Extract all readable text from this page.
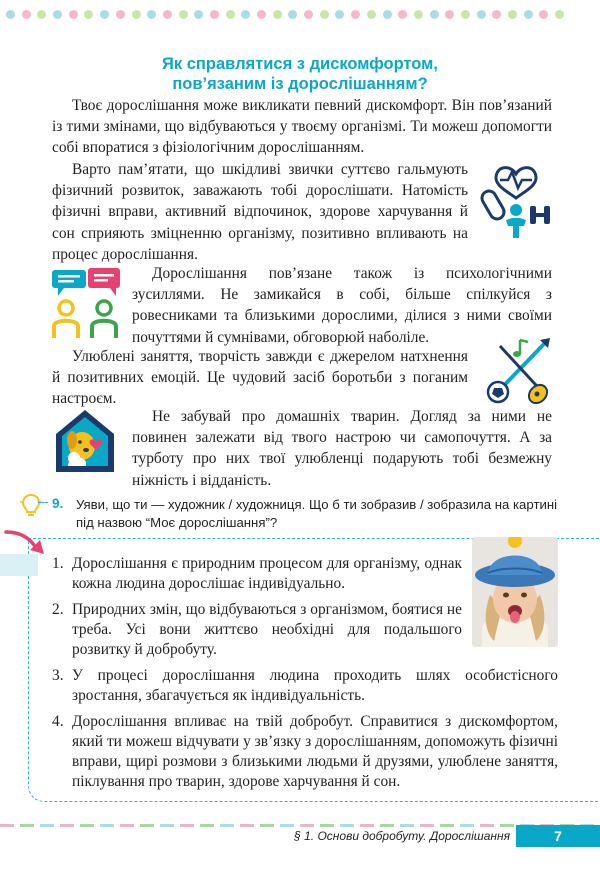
Як справлятися з дискомфортом,
пов’язаним із дорослішанням?

Твоє дорослішання може викликати певний дискомфорт. Він пов’язаний із тими змінами, що відбуваються у твоєму організмі. Ти можеш допомогти собі впоратися з фізіологічним дорослішанням.

Варто пам’ятати, що шкідливі звички суттєво гальмують фізичний розвиток, заважають тобі дорослішати. Натомість фізичні вправи, активний відпочинок, здорове харчування й сон сприяють зміцненню організму, позитивно впливають на процес дорослішання.

Дорослішання пов’язане також із психологічними зусиллями. Не замикайся в собі, більше спілкуйся з ровесниками та близькими дорослими, ділися з ними своїми почуттями й сумнівами, обговорюй наболіле.

Улюблені заняття, творчість завжди є джерелом натхнення й позитивних емоцій. Це чудовий засіб боротьби з поганим настроєм.

Не забувай про домашніх тварин. Догляд за ними не повинен залежати від твого настрою чи самопочуття. А за турботу про них твої улюбленці подарують тобі безмежну ніжність і відданість.

9. Уяви, що ти — художник / художниця. Що б ти зобразив / зобразила на картині під назвою “Моє дорослішання”?
1. Дорослішання є природним процесом для організму, однак кожна людина дорослішає індивідуально.
2. Природних змін, що відбуваються з організмом, боятися не треба. Усі вони життєво необхідні для подальшого розвитку й добробуту.
3. У процесі дорослішання людина проходить шлях особистісного зростання, збагачується як індивідуальність.
4. Дорослішання впливає на твій добробут. Справитися з дискомфортом, який ти можеш відчувати у зв’язку з дорослішанням, допоможуть фізичні вправи, щирі розмови з близькими людьми й друзями, улюблене заняття, піклування про тварин, здорове харчування й сон.
§ 1. Основи добробуту. Дорослішання	7
